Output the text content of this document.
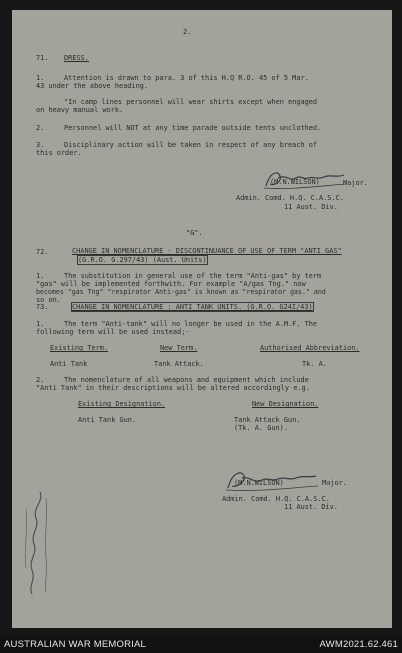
2.
71. DRESS.
1.	Attention is drawn to para. 3 of this H.Q R.O. 45 of 5 Mar.
43 under the above heading.
"In camp lines personnel will wear shirts except when engaged
on heavy manual work.
2.	Personnel will NOT at any time parade outside tents unclothed.
3.	Disciplinary action will be taken in respect of any breach of
this order.
(M.N.WILSON)	Major.
Admin. Comd. H.Q. C.A.S.C.
11 Aust. Div.
"G".
72.	CHANGE IN NOMENCLATURE - DISCONTINUANCE OF USE OF TERM "ANTI GAS"
(G.R.O. G.297/43) (Aust. Units)
1.	The substitution in general use of the term "Anti-gas" by term
"gas" will be implemented forthwith. For example "A/gas Tng." now
becomes "gas Tng" "respirator Anti-gas" is known as "respirator gas." and
so on.
73.	CHANGE IN NOMENCLATURE : ANTI TANK UNITS. (G.R.O. G24I/43)
1.	The term "Anti-tank" will no longer be used in the A.M.F. The
following term will be used instead;-
Existing Term.	New Term.	Authorised Abbreviation.
Anti Tank	Tank Attack.	Tk. A.
2.	The nomenclature of all weapons and equipment which include
"Anti Tank" in their descriptions will be altered accordingly e.g.
Existing Designation.	New Designation.
Anti Tank Gun.	Tank Attack Gun.
(Tk. A. Gun).
(M.N.WILSON)	Major.
Admin. Comd. H.Q. C.A.S.C.
11 Aust. Div.
AUSTRALIAN WAR MEMORIAL	AWM2021.62.461
